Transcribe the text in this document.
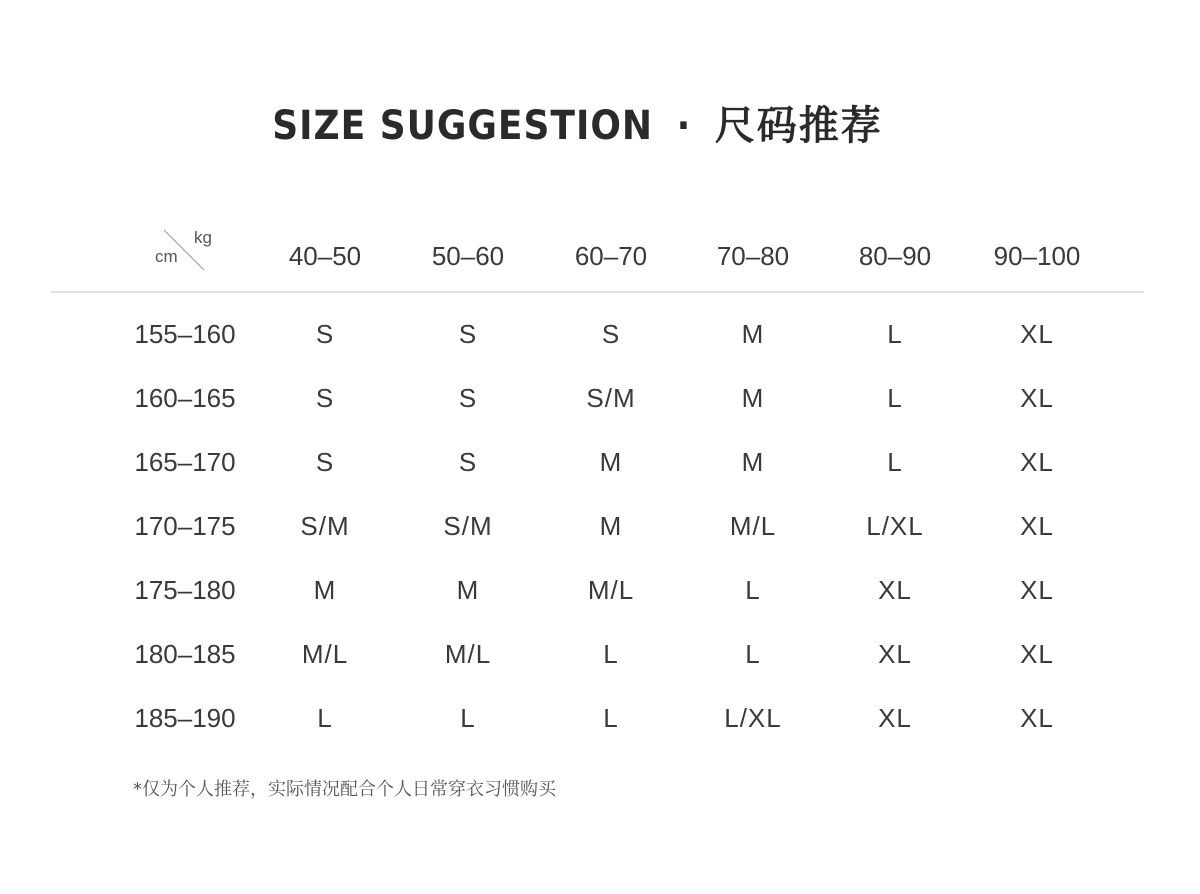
SIZE SUGGESTION · 尺码推荐
kg
cm	40–50	50–60	60–70	70–80	80–90	90–100
155–160	S	S	S	M	L	XL
160–165	S	S	S/M	M	L	XL
165–170	S	S	M	M	L	XL
170–175	S/M	S/M	M	M/L	L/XL	XL
175–180	M	M	M/L	L	XL	XL
180–185	M/L	M/L	L	L	XL	XL
185–190	L	L	L	L/XL	XL	XL
*仅为个人推荐，实际情况配合个人日常穿衣习惯购买
